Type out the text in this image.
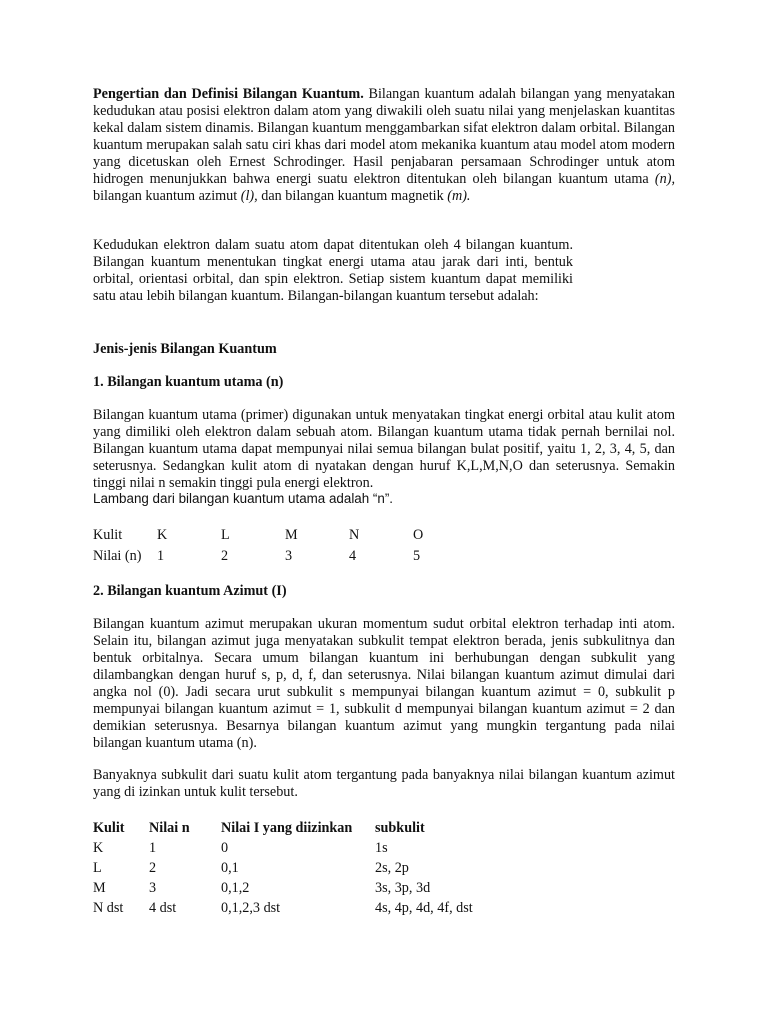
Pengertian dan Definisi Bilangan Kuantum. Bilangan kuantum adalah bilangan yang menyatakan kedudukan atau posisi elektron dalam atom yang diwakili oleh suatu nilai yang menjelaskan kuantitas kekal dalam sistem dinamis. Bilangan kuantum menggambarkan sifat elektron dalam orbital. Bilangan kuantum merupakan salah satu ciri khas dari model atom mekanika kuantum atau model atom modern yang dicetuskan oleh Ernest Schrodinger. Hasil penjabaran persamaan Schrodinger untuk atom hidrogen menunjukkan bahwa energi suatu elektron ditentukan oleh bilangan kuantum utama (n), bilangan kuantum azimut (l), dan bilangan kuantum magnetik (m).

Kedudukan elektron dalam suatu atom dapat ditentukan oleh 4 bilangan kuantum. Bilangan kuantum menentukan tingkat energi utama atau jarak dari inti, bentuk orbital, orientasi orbital, dan spin elektron. Setiap sistem kuantum dapat memiliki satu atau lebih bilangan kuantum. Bilangan-bilangan kuantum tersebut adalah:

Jenis-jenis Bilangan Kuantum

1. Bilangan kuantum utama (n)

Bilangan kuantum utama (primer) digunakan untuk menyatakan tingkat energi orbital atau kulit atom yang dimiliki oleh elektron dalam sebuah atom. Bilangan kuantum utama tidak pernah bernilai nol. Bilangan kuantum utama dapat mempunyai nilai semua bilangan bulat positif, yaitu 1, 2, 3, 4, 5, dan seterusnya. Sedangkan kulit atom di nyatakan dengan huruf K,L,M,N,O dan seterusnya. Semakin tinggi nilai n semakin tinggi pula energi elektron.

Lambang dari bilangan kuantum utama adalah “n”.

Kulit	K	L	M	N	O
Nilai (n)	1	2	3	4	5

2. Bilangan kuantum Azimut (I)

Bilangan kuantum azimut merupakan ukuran momentum sudut orbital elektron terhadap inti atom. Selain itu, bilangan azimut juga menyatakan subkulit tempat elektron berada, jenis subkulitnya dan bentuk orbitalnya. Secara umum bilangan kuantum ini berhubungan dengan subkulit yang dilambangkan dengan huruf s, p, d, f, dan seterusnya. Nilai bilangan kuantum azimut dimulai dari angka nol (0). Jadi secara urut subkulit s mempunyai bilangan kuantum azimut = 0, subkulit p mempunyai bilangan kuantum azimut = 1, subkulit d mempunyai bilangan kuantum azimut = 2 dan demikian seterusnya. Besarnya bilangan kuantum azimut yang mungkin tergantung pada nilai bilangan kuantum utama (n).

Banyaknya subkulit dari suatu kulit atom tergantung pada banyaknya nilai bilangan kuantum azimut yang di izinkan untuk kulit tersebut.

Kulit	Nilai n	Nilai I yang diizinkan	subkulit
K	1	0	1s
L	2	0,1	2s, 2p
M	3	0,1,2	3s, 3p, 3d
N dst	4 dst	0,1,2,3 dst	4s, 4p, 4d, 4f, dst
